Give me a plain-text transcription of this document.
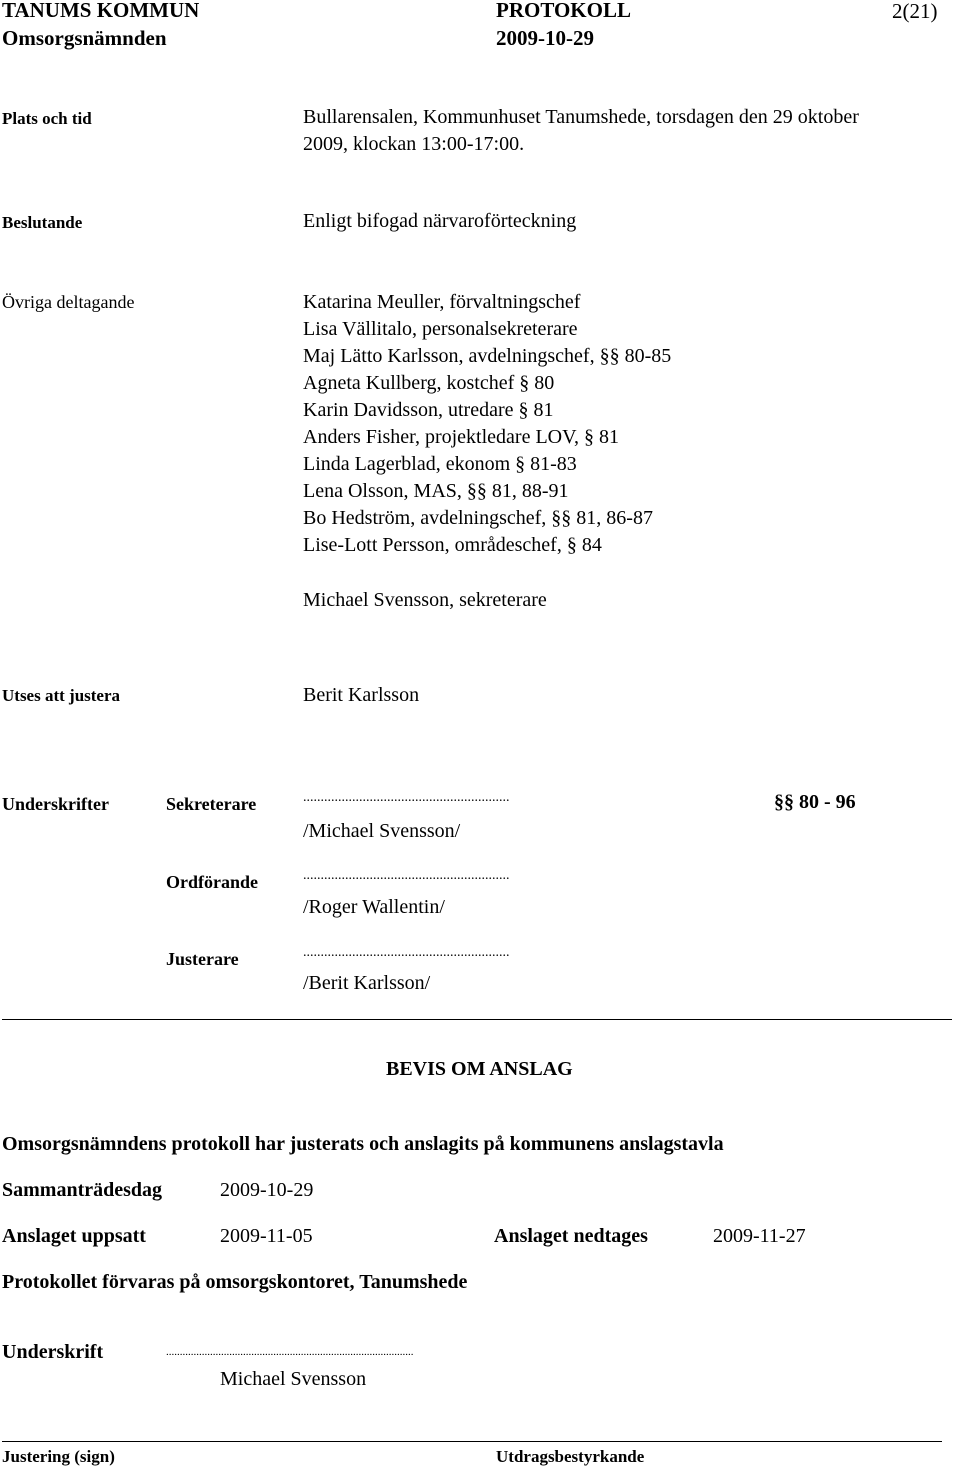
TANUMS KOMMUN	PROTOKOLL	2(21)
Omsorgsnämnden	2009-10-29
Plats och tid	Bullarensalen, Kommunhuset Tanumshede, torsdagen den 29 oktober
2009, klockan 13:00-17:00.
Beslutande	Enligt bifogad närvaroförteckning
Övriga deltagande	Katarina Meuller, förvaltningschef
Lisa Vällitalo, personalsekreterare
Maj Lätto Karlsson, avdelningschef, §§ 80-85
Agneta Kullberg, kostchef § 80
Karin Davidsson, utredare § 81
Anders Fisher, projektledare LOV, § 81
Linda Lagerblad, ekonom § 81-83
Lena Olsson, MAS, §§ 81, 88-91
Bo Hedström, avdelningschef, §§ 81, 86-87
Lise-Lott Persson, områdeschef, § 84
Michael Svensson, sekreterare
Utses att justera	Berit Karlsson
Underskrifter	Sekreterare	...........................................................	§§ 80 - 96
/Michael Svensson/
Ordförande	...........................................................
/Roger Wallentin/
Justerare	...........................................................
/Berit Karlsson/
BEVIS OM ANSLAG
Omsorgsnämndens protokoll har justerats och anslagits på kommunens anslagstavla
Sammanträdesdag	2009-10-29
Anslaget uppsatt	2009-11-05	Anslaget nedtages	2009-11-27
Protokollet förvaras på omsorgskontoret, Tanumshede
Underskrift	..........................................................................................
Michael Svensson
Justering (sign)	Utdragsbestyrkande
